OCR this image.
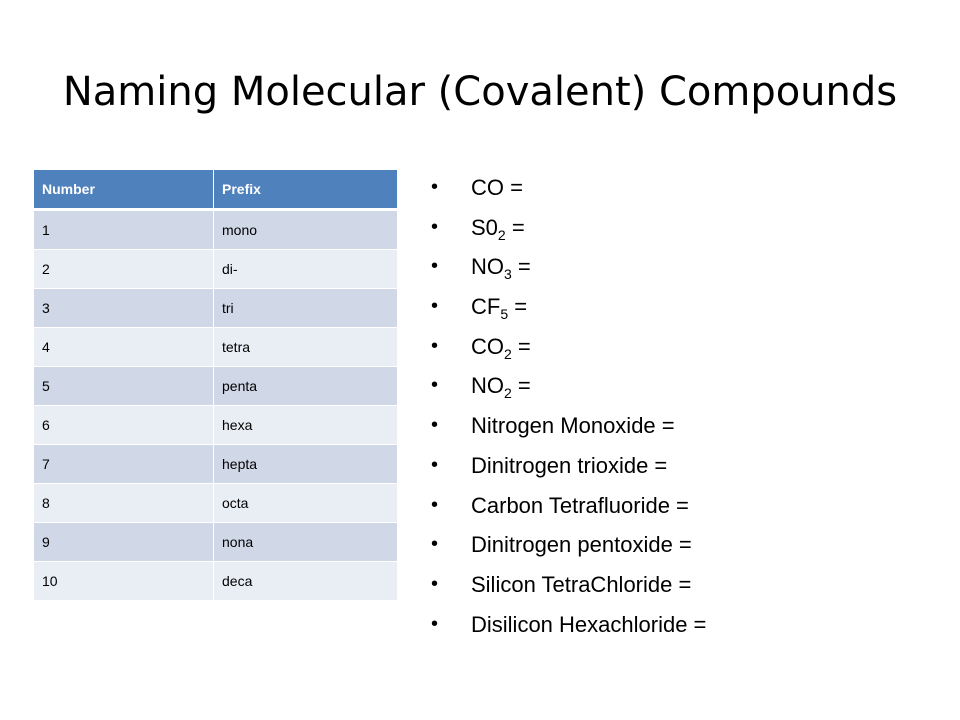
Naming Molecular (Covalent) Compounds
Number	Prefix
1	mono
2	di-
3	tri
4	tetra
5	penta
6	hexa
7	hepta
8	octa
9	nona
10	deca
• CO =
• $S0_2$ =
• $NO_3$ =
• $CF_5$ =
• $CO_2$ =
• $NO_2$ =
• Nitrogen Monoxide =
• Dinitrogen trioxide =
• Carbon Tetrafluoride =
• Dinitrogen pentoxide =
• Silicon TetraChloride =
• Disilicon Hexachloride =
